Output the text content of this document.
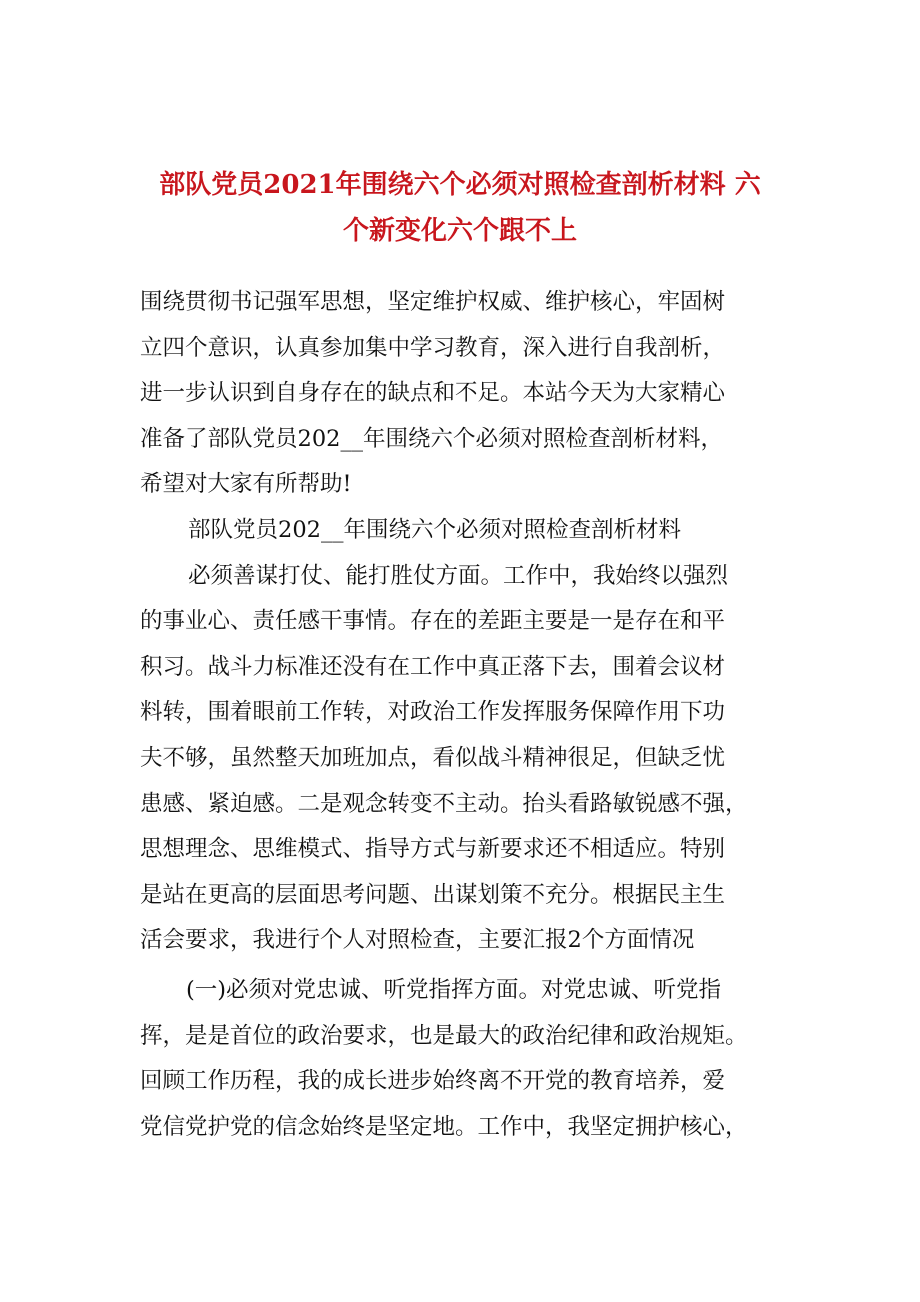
部队党员2021年围绕六个必须对照检查剖析材料 六
个新变化六个跟不上
围绕贯彻书记强军思想，坚定维护权威、维护核心，牢固树
立四个意识，认真参加集中学习教育，深入进行自我剖析，
进一步认识到自身存在的缺点和不足。本站今天为大家精心
准备了部队党员202__年围绕六个必须对照检查剖析材料，
希望对大家有所帮助!
部队党员202__年围绕六个必须对照检查剖析材料
必须善谋打仗、能打胜仗方面。工作中，我始终以强烈
的事业心、责任感干事情。存在的差距主要是一是存在和平
积习。战斗力标准还没有在工作中真正落下去，围着会议材
料转，围着眼前工作转，对政治工作发挥服务保障作用下功
夫不够，虽然整天加班加点，看似战斗精神很足，但缺乏忧
患感、紧迫感。二是观念转变不主动。抬头看路敏锐感不强，
思想理念、思维模式、指导方式与新要求还不相适应。特别
是站在更高的层面思考问题、出谋划策不充分。根据民主生
活会要求，我进行个人对照检查，主要汇报2个方面情况
(一)必须对党忠诚、听党指挥方面。对党忠诚、听党指
挥，是是首位的政治要求，也是最大的政治纪律和政治规矩。
回顾工作历程，我的成长进步始终离不开党的教育培养，爱
党信党护党的信念始终是坚定地。工作中，我坚定拥护核心，
